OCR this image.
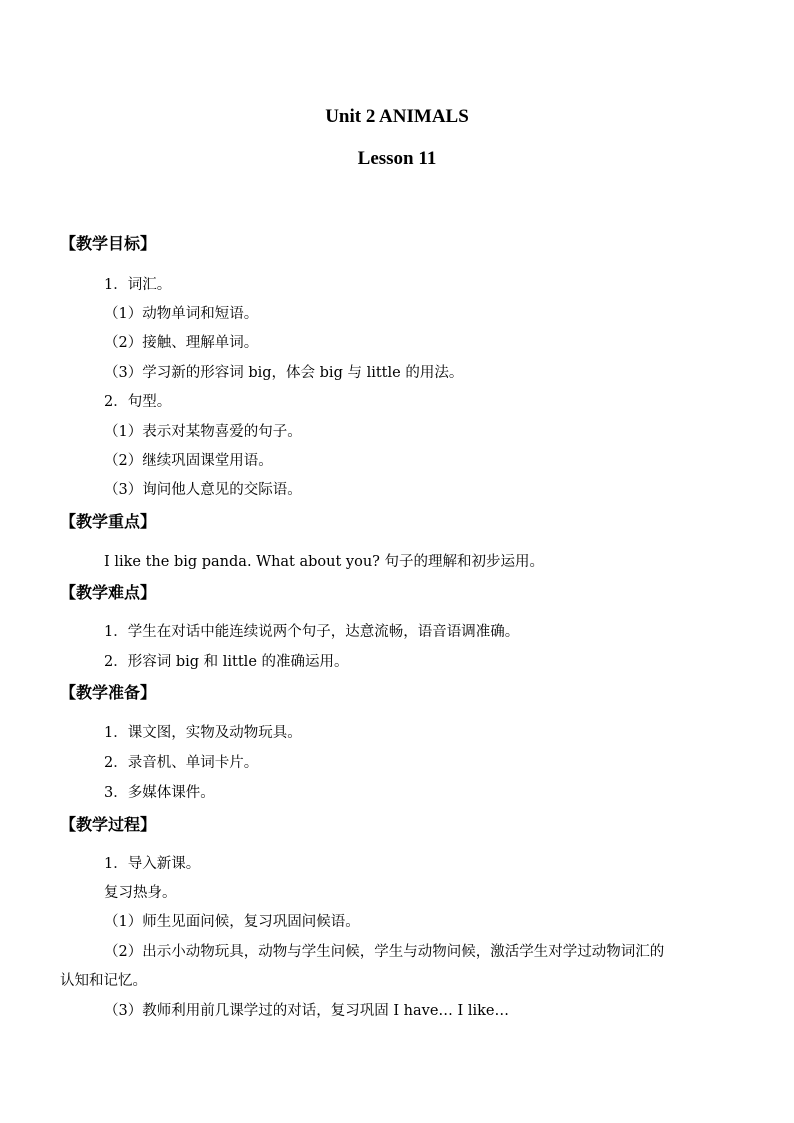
Unit 2 ANIMALS
Lesson 11
【教学目标】
1．词汇。
（1）动物单词和短语。
（2）接触、理解单词。
（3）学习新的形容词 big，体会 big 与 little 的用法。
2．句型。
（1）表示对某物喜爱的句子。
（2）继续巩固课堂用语。
（3）询问他人意见的交际语。
【教学重点】
I like the big panda. What about you? 句子的理解和初步运用。
【教学难点】
1．学生在对话中能连续说两个句子，达意流畅，语音语调准确。
2．形容词 big 和 little 的准确运用。
【教学准备】
1．课文图，实物及动物玩具。
2．录音机、单词卡片。
3．多媒体课件。
【教学过程】
1．导入新课。
复习热身。
（1）师生见面问候，复习巩固问候语。
（2）出示小动物玩具，动物与学生问候，学生与动物问候，激活学生对学过动物词汇的
认知和记忆。
（3）教师利用前几课学过的对话，复习巩固 I have… I like…
